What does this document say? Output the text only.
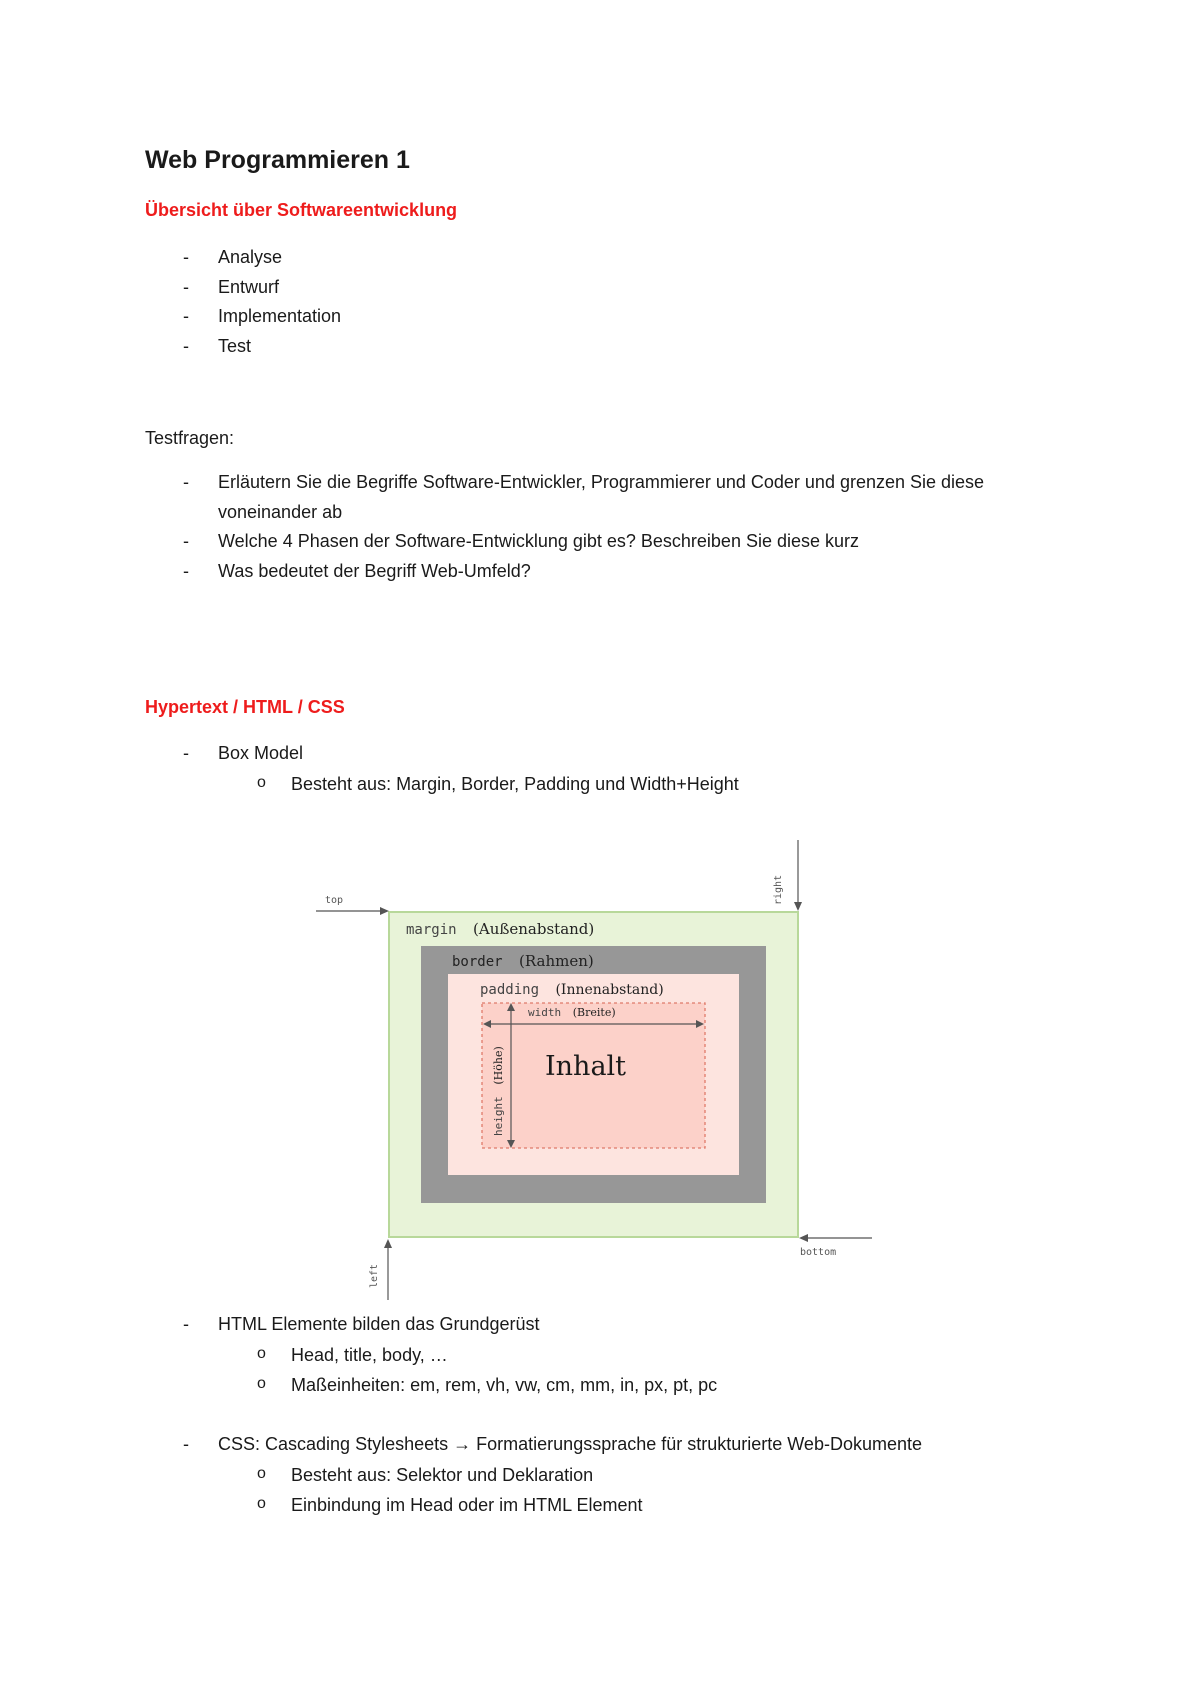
Web Programmieren 1
Übersicht über Softwareentwicklung
- Analyse
- Entwurf
- Implementation
- Test

Testfragen:

- Erläutern Sie die Begriffe Software-Entwickler, Programmierer und Coder und grenzen Sie diese voneinander ab
- Welche 4 Phasen der Software-Entwicklung gibt es? Beschreiben Sie diese kurz
- Was bedeutet der Begriff Web-Umfeld?
Hypertext / HTML / CSS
- Box Model
o Besteht aus: Margin, Border, Padding und Width+Height
top	right
bottom
left
margin (Außenabstand)
border (Rahmen)
padding (Innenabstand)
width (Breite)
height (Höhe) Inhalt
- HTML Elemente bilden das Grundgerüst
o Head, title, body, …
o Maßeinheiten: em, rem, vh, vw, cm, mm, in, px, pt, pc
- CSS: Cascading Stylesheets → Formatierungssprache für strukturierte Web-Dokumente
o Besteht aus: Selektor und Deklaration
o Einbindung im Head oder im HTML Element
